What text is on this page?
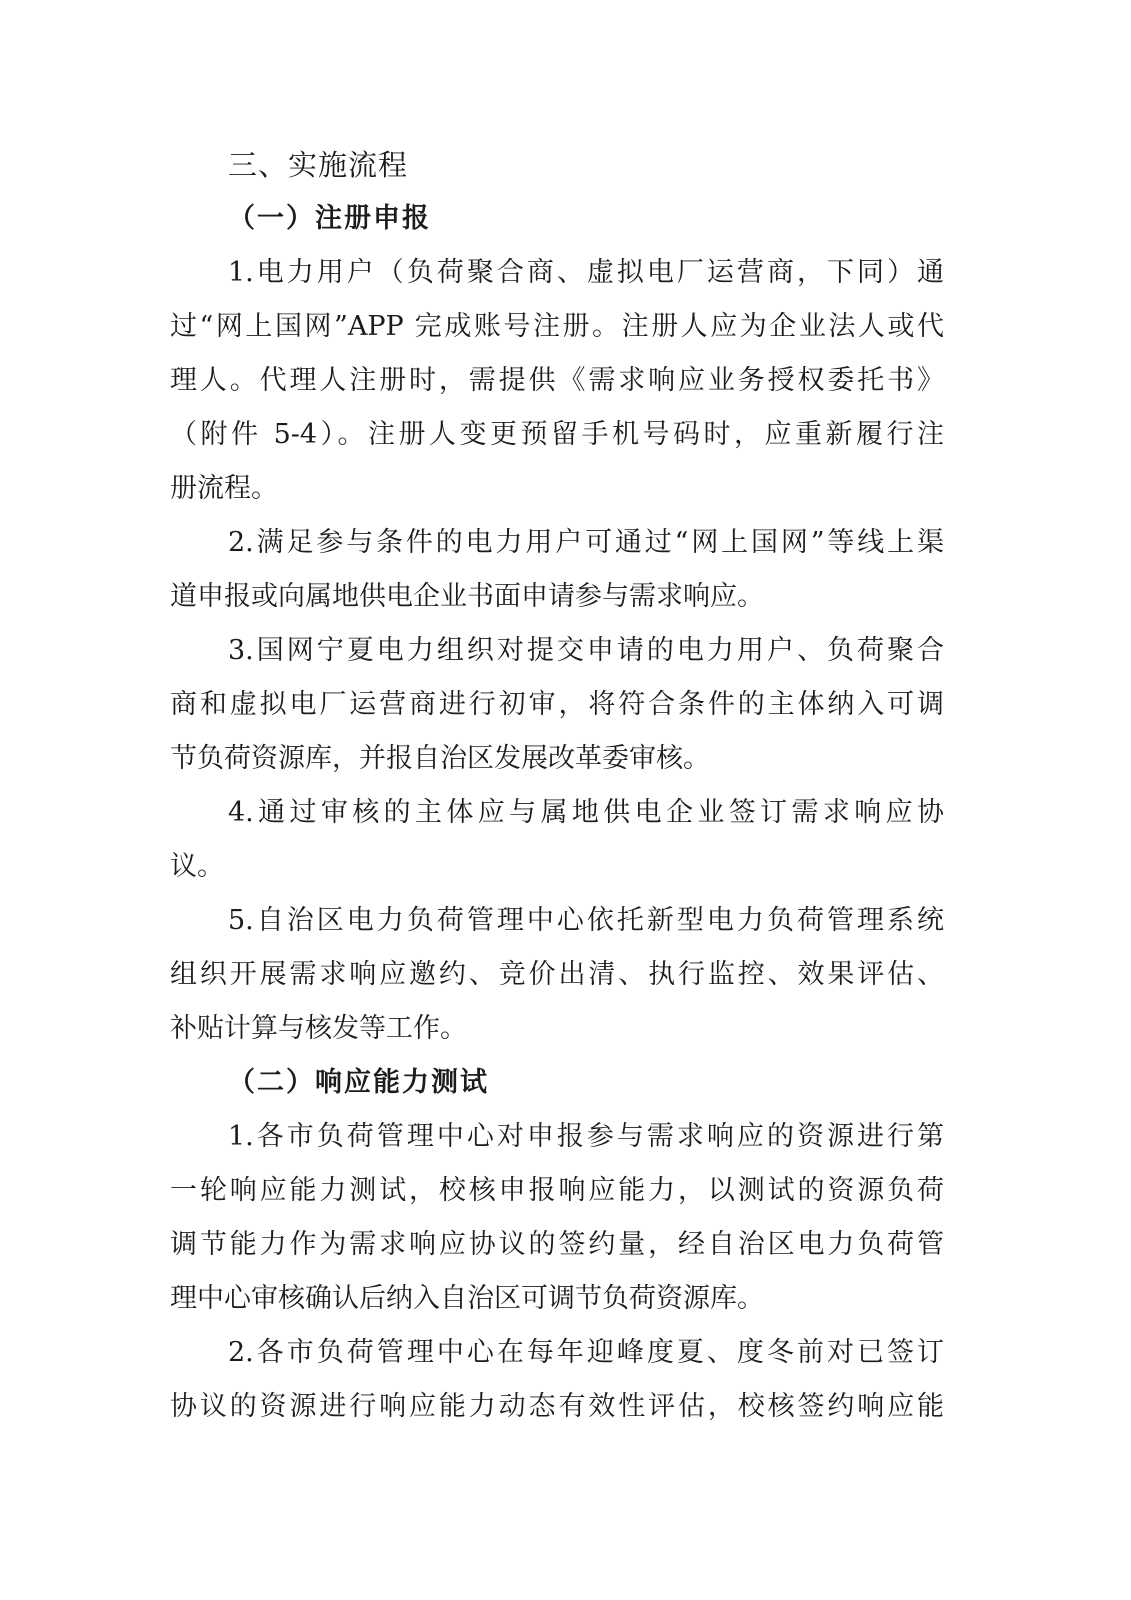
三、实施流程
（一）注册申报
1.电力用户（负荷聚合商、虚拟电厂运营商，下同）通
过“网上国网”APP 完成账号注册。注册人应为企业法人或代
理人。代理人注册时，需提供《需求响应业务授权委托书》
（附件 5-4）。注册人变更预留手机号码时，应重新履行注
册流程。
2.满足参与条件的电力用户可通过“网上国网”等线上渠
道申报或向属地供电企业书面申请参与需求响应。
3.国网宁夏电力组织对提交申请的电力用户、负荷聚合
商和虚拟电厂运营商进行初审，将符合条件的主体纳入可调
节负荷资源库，并报自治区发展改革委审核。
4.通过审核的主体应与属地供电企业签订需求响应协
议。
5.自治区电力负荷管理中心依托新型电力负荷管理系统
组织开展需求响应邀约、竞价出清、执行监控、效果评估、
补贴计算与核发等工作。
（二）响应能力测试
1.各市负荷管理中心对申报参与需求响应的资源进行第
一轮响应能力测试，校核申报响应能力，以测试的资源负荷
调节能力作为需求响应协议的签约量，经自治区电力负荷管
理中心审核确认后纳入自治区可调节负荷资源库。
2.各市负荷管理中心在每年迎峰度夏、度冬前对已签订
协议的资源进行响应能力动态有效性评估，校核签约响应能
